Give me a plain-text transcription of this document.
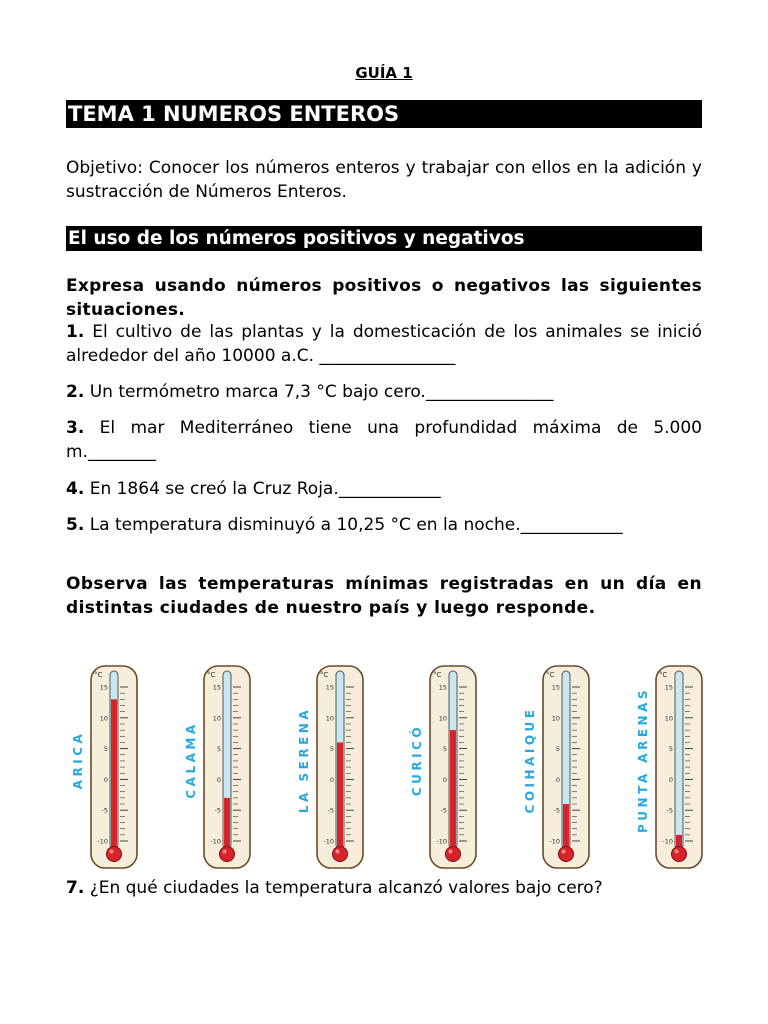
GUÍA 1
TEMA 1 NUMEROS ENTEROS

Objetivo: Conocer los números enteros y trabajar con ellos en la adición y sustracción de Números Enteros.

El uso de los números positivos y negativos

Expresa usando números positivos o negativos las siguientes situaciones.

1. El cultivo de las plantas y la domesticación de los animales se inició alrededor del año 10000 a.C. ________________

2. Un termómetro marca 7,3 °C bajo cero._______________

3. El mar Mediterráneo tiene una profundidad máxima de 5.000 m.________

4. En 1864 se creó la Cruz Roja.____________

5. La temperatura disminuyó a 10,25 °C en la noche.____________

Observa las temperaturas mínimas registradas en un día en distintas ciudades de nuestro país y luego responde.

ARICA
°C
15
10
5
0
-5
-10
CALAMA
°C
15
10
5
0
-5
-10
LA SERENA
°C
15
10
5
0
-5
-10
CURICÓ
°C
15
10
5
0
-5
-10
COIHAIQUE
°C
15
10
5
0
-5
-10
PUNTA ARENAS
°C
15
10
5
0
-5
-10

7. ¿En qué ciudades la temperatura alcanzó valores bajo cero?
